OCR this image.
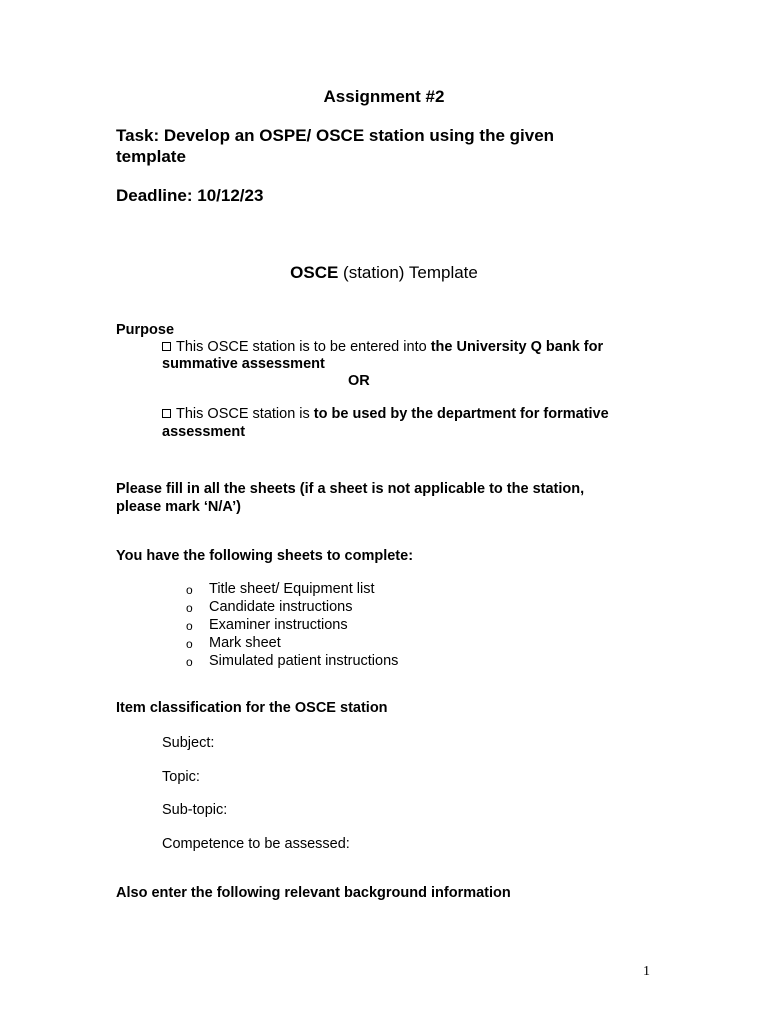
Assignment #2
Task: Develop an OSPE/ OSCE station using the given
template
Deadline: 10/12/23
OSCE (station) Template
Purpose
This OSCE station is to be entered into the University Q bank for
summative assessment
OR
This OSCE station is to be used by the department for formative
assessment
Please fill in all the sheets (if a sheet is not applicable to the station,
please mark ‘N/A’)
You have the following sheets to complete:
o Title sheet/ Equipment list
o Candidate instructions
o Examiner instructions
o Mark sheet
o Simulated patient instructions
Item classification for the OSCE station
Subject:
Topic:
Sub-topic:
Competence to be assessed:
Also enter the following relevant background information
1
